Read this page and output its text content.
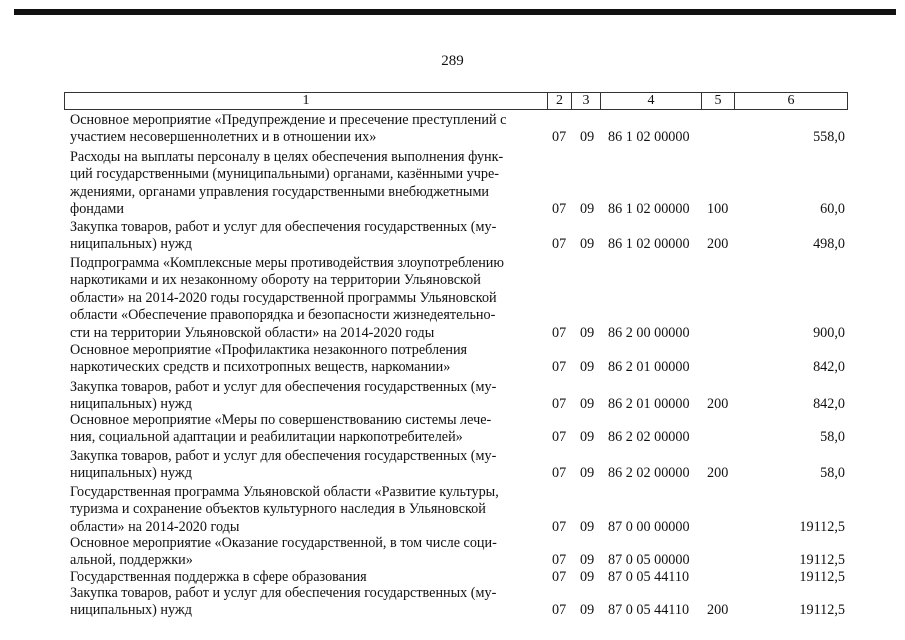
289
1	2	3	4	5	6
Основное мероприятие «Предупреждение и пресечение преступлений с
участием несовершеннолетних и в отношении их»	07 09 86 1 02 00000	558,0
Расходы на выплаты персоналу в целях обеспечения выполнения функ-
ций государственными (муниципальными) органами, казёнными учре-
ждениями, органами управления государственными внебюджетными
фондами	07 09 86 1 02 00000 100	60,0
Закупка товаров, работ и услуг для обеспечения государственных (му-
ниципальных) нужд	07 09 86 1 02 00000 200	498,0
Подпрограмма «Комплексные меры противодействия злоупотреблению
наркотиками и их незаконному обороту на территории Ульяновской
области» на 2014-2020 годы государственной программы Ульяновской
области «Обеспечение правопорядка и безопасности жизнедеятельно-
сти на территории Ульяновской области» на 2014-2020 годы	07 09 86 2 00 00000	900,0
Основное мероприятие «Профилактика незаконного потребления
наркотических средств и психотропных веществ, наркомании»	07 09 86 2 01 00000	842,0
Закупка товаров, работ и услуг для обеспечения государственных (му-
ниципальных) нужд	07 09 86 2 01 00000 200	842,0
Основное мероприятие «Меры по совершенствованию системы лече-
ния, социальной адаптации и реабилитации наркопотребителей»	07 09 86 2 02 00000	58,0
Закупка товаров, работ и услуг для обеспечения государственных (му-
ниципальных) нужд	07 09 86 2 02 00000 200	58,0
Государственная программа Ульяновской области «Развитие культуры,
туризма и сохранение объектов культурного наследия в Ульяновской
области» на 2014-2020 годы	07 09 87 0 00 00000	19112,5
Основное мероприятие «Оказание государственной, в том числе соци-
альной, поддержки»	07 09 87 0 05 00000	19112,5
Государственная поддержка в сфере образования	07 09 87 0 05 44110	19112,5
Закупка товаров, работ и услуг для обеспечения государственных (му-
ниципальных) нужд	07 09 87 0 05 44110 200	19112,5
